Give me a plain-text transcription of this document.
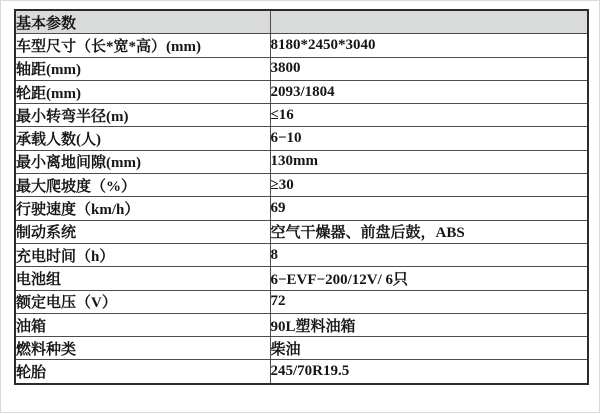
基本参数	
车型尺寸（长*宽*高）(mm)	8180*2450*3040
轴距(mm)	3800
轮距(mm)	2093/1804
最小转弯半径(m)	≤16
承载人数(人)	6−10
最小离地间隙(mm)	130mm
最大爬坡度（%）	≥30
行驶速度（km/h）	69
制动系统	空气干燥器、前盘后鼓，ABS
充电时间（h）	8
电池组	6−EVF−200/12V/ 6只
额定电压（V）	72
油箱	90L塑料油箱
燃料种类	柴油
轮胎	245/70R19.5
